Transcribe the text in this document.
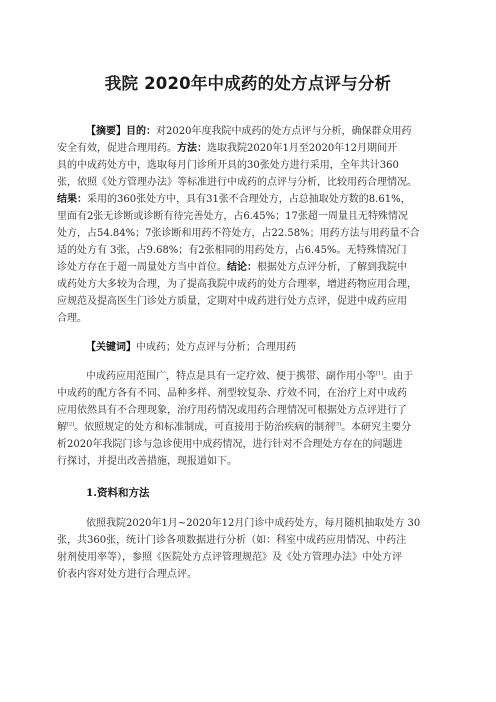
我院 2020年中成药的处方点评与分析
【摘要】目的：对2020年度我院中成药的处方点评与分析，确保群众用药
安全有效，促进合理用药。方法：选取我院2020年1月至2020年12月期间开
具的中成药处方中，选取每月门诊所开具的30张处方进行采用，全年共计360
张，依照《处方管理办法》等标准进行中成药的点评与分析，比较用药合理情况。
结果：采用的360张处方中，具有31张不合理处方，占总抽取处方数的8.61%，
里面有2张无诊断或诊断有待完善处方，占6.45%；17张超一周量且无特殊情况
处方，占54.84%；7张诊断和用药不符处方，占22.58%；用药方法与用药量不合
适的处方有 3张，占9.68%；有2张相同的用药处方，占6.45%。无特殊情况门
诊处方存在于超一周量处方当中首位。结论：根据处方点评分析，了解到我院中
成药处方大多较为合理，为了提高我院中成药的处方合理率，增进药物应用合理，
应规范及提高医生门诊处方质量，定期对中成药进行处方点评，促进中成药应用
合理。
【关键词】中成药；处方点评与分析；合理用药
中成药应用范围广，特点是具有一定疗效、便于携带、副作用小等[1]。由于
中成药的配方各有不同、品种多样、剂型较复杂、疗效不同，在治疗上对中成药
应用依然具有不合理现象，治疗用药情况或用药合理情况可根据处方点评进行了
解[2]。依照规定的处方和标准制成，可直接用于防治疾病的制剂[3]。本研究主要分
析2020年我院门诊与急诊使用中成药情况，进行针对不合理处方存在的问题进
行探讨，并提出改善措施，现报道如下。
1.资料和方法
依照我院2020年1月~2020年12月门诊中成药处方，每月随机抽取处方 30
张，共360张，统计门诊各项数据进行分析（如：科室中成药应用情况、中药注
射剂使用率等），参照《医院处方点评管理规范》及《处方管理办法》中处方评
价表内容对处方进行合理点评。
